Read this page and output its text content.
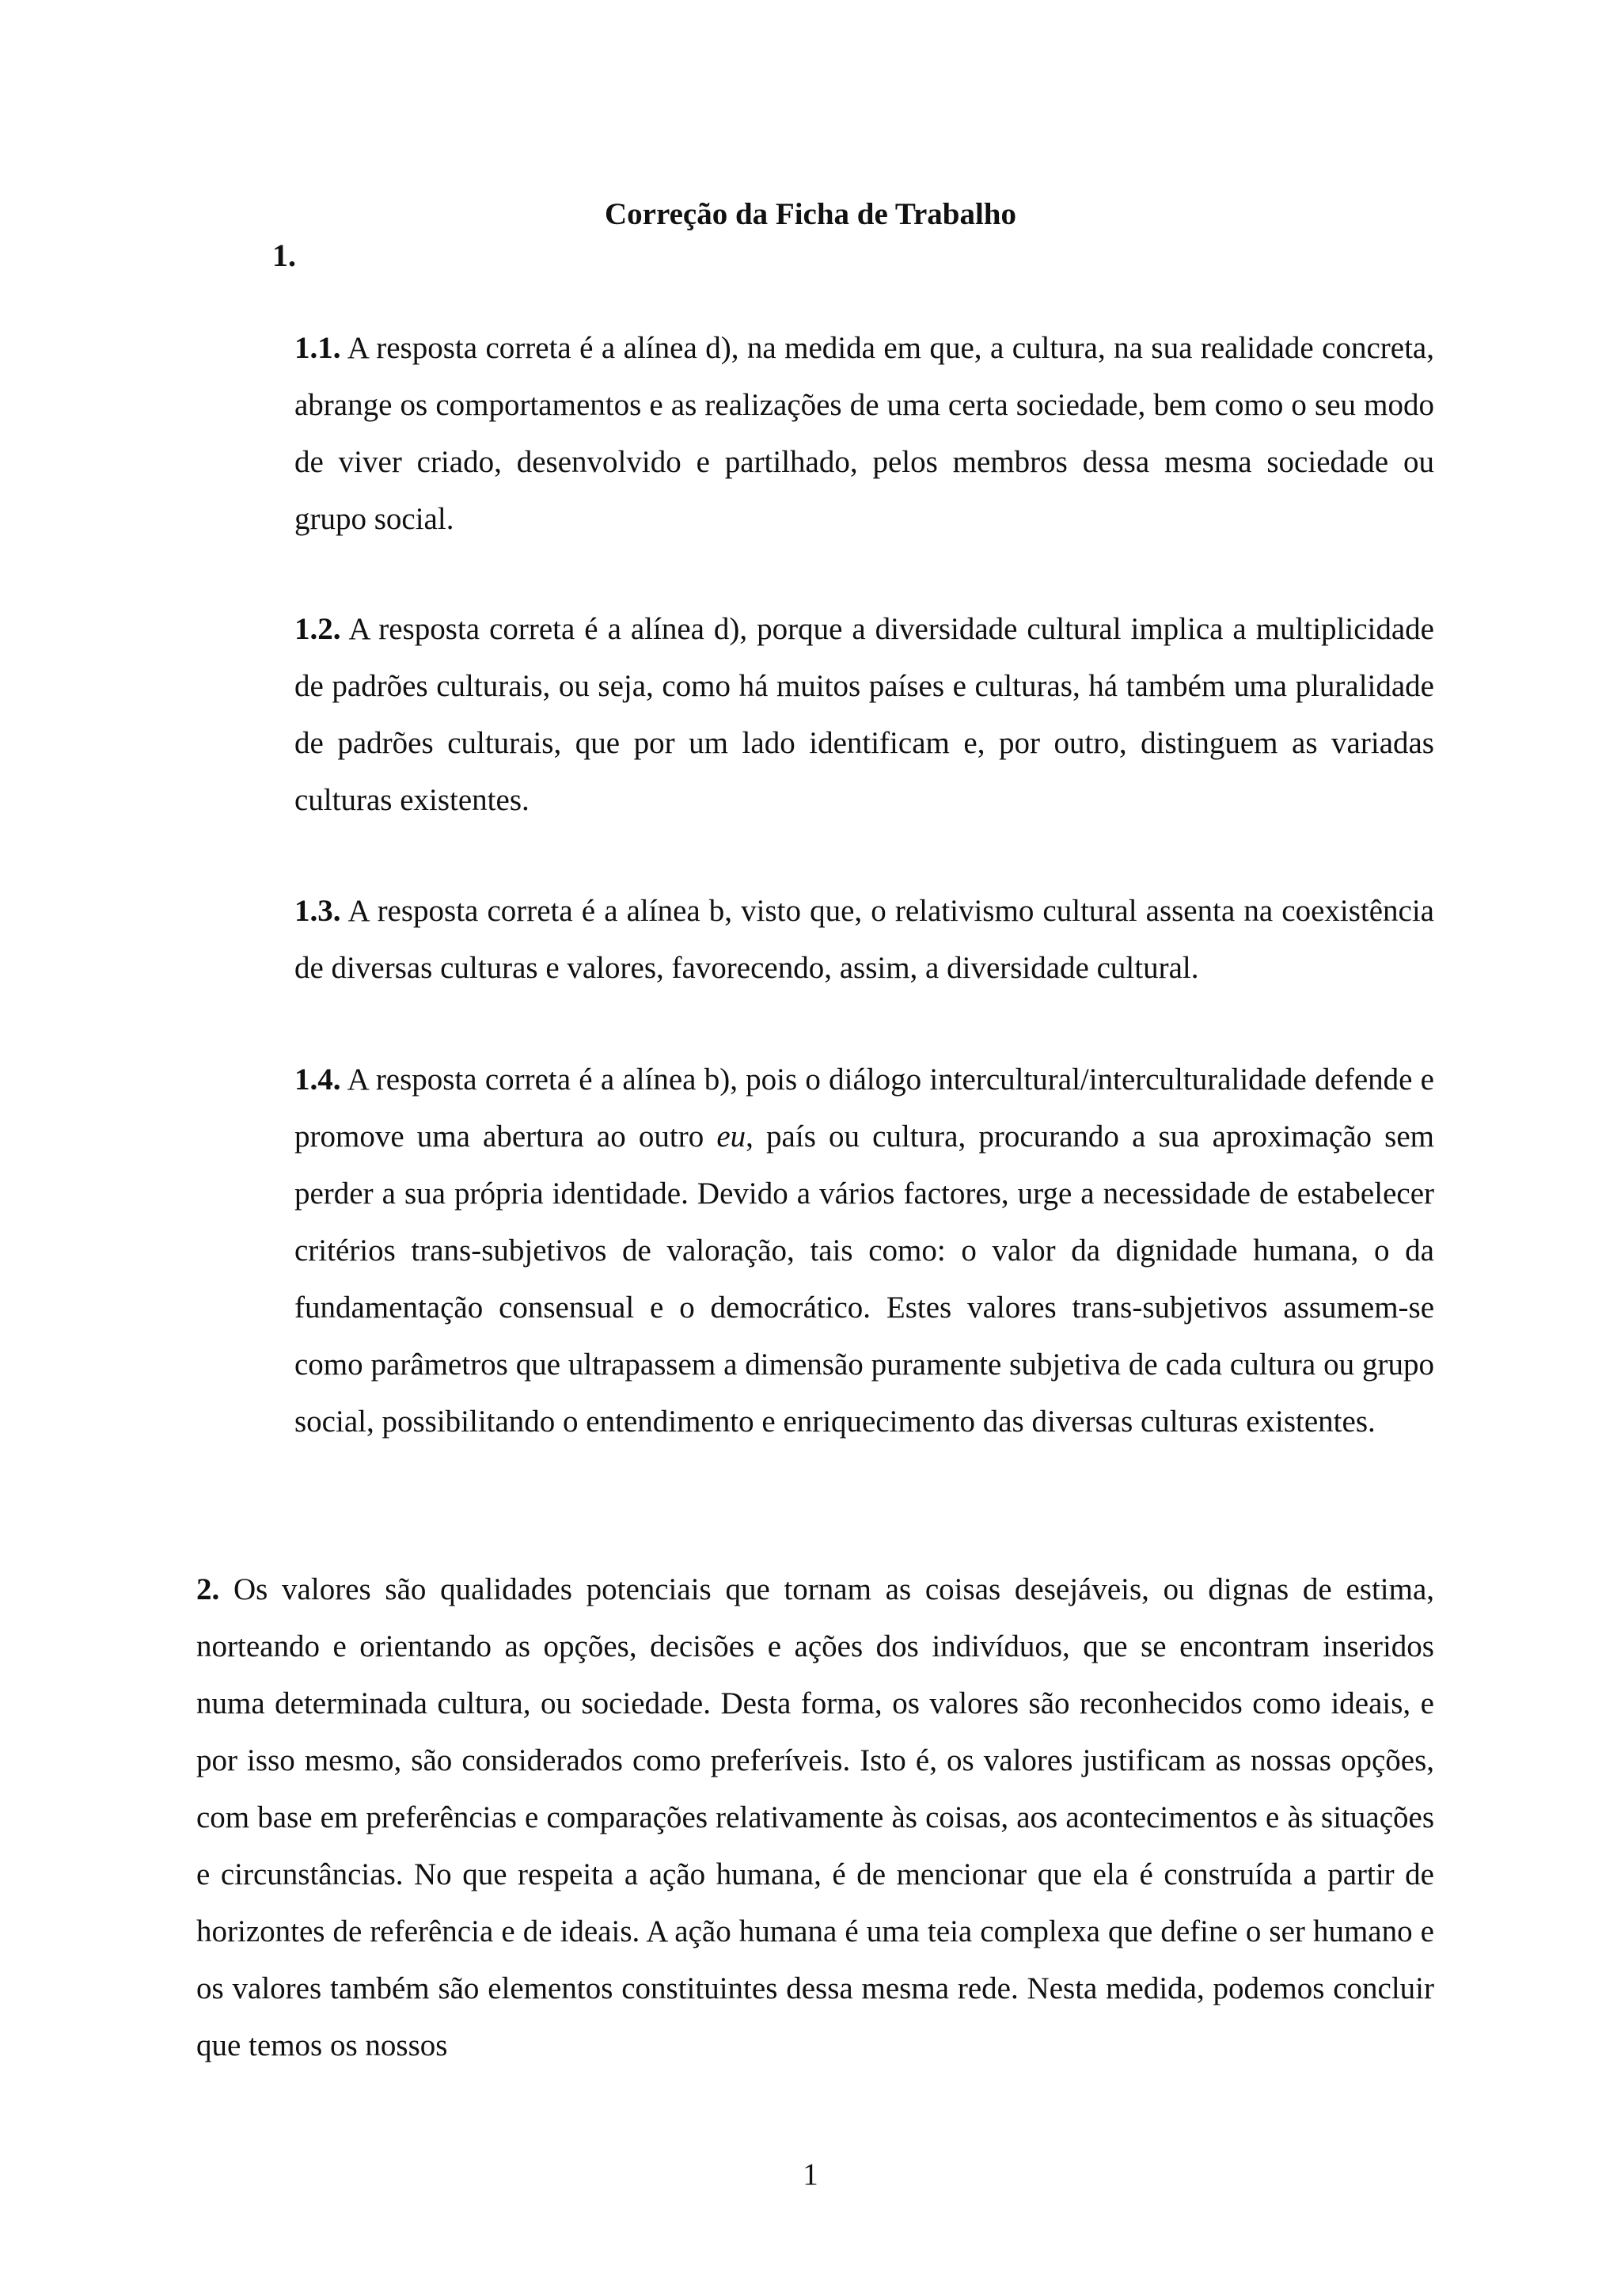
Correção da Ficha de Trabalho
1.

1.1. A resposta correta é a alínea d), na medida em que, a cultura, na sua realidade concreta, abrange os comportamentos e as realizações de uma certa sociedade, bem como o seu modo de viver criado, desenvolvido e partilhado, pelos membros dessa mesma sociedade ou grupo social.

1.2. A resposta correta é a alínea d), porque a diversidade cultural implica a multiplicidade de padrões culturais, ou seja, como há muitos países e culturas, há também uma pluralidade de padrões culturais, que por um lado identificam e, por outro, distinguem as variadas culturas existentes.

1.3. A resposta correta é a alínea b, visto que, o relativismo cultural assenta na coexistência de diversas culturas e valores, favorecendo, assim, a diversidade cultural.

1.4. A resposta correta é a alínea b), pois o diálogo intercultural/interculturalidade defende e promove uma abertura ao outro eu, país ou cultura, procurando a sua aproximação sem perder a sua própria identidade. Devido a vários factores, urge a necessidade de estabelecer critérios trans-subjetivos de valoração, tais como: o valor da dignidade humana, o da fundamentação consensual e o democrático. Estes valores trans-subjetivos assumem-se como parâmetros que ultrapassem a dimensão puramente subjetiva de cada cultura ou grupo social, possibilitando o entendimento e enriquecimento das diversas culturas existentes.

2. Os valores são qualidades potenciais que tornam as coisas desejáveis, ou dignas de estima, norteando e orientando as opções, decisões e ações dos indivíduos, que se encontram inseridos numa determinada cultura, ou sociedade. Desta forma, os valores são reconhecidos como ideais, e por isso mesmo, são considerados como preferíveis. Isto é, os valores justificam as nossas opções, com base em preferências e comparações relativamente às coisas, aos acontecimentos e às situações e circunstâncias. No que respeita a ação humana, é de mencionar que ela é construída a partir de horizontes de referência e de ideais. A ação humana é uma teia complexa que define o ser humano e os valores também são elementos constituintes dessa mesma rede. Nesta medida, podemos concluir que temos os nossos

1
